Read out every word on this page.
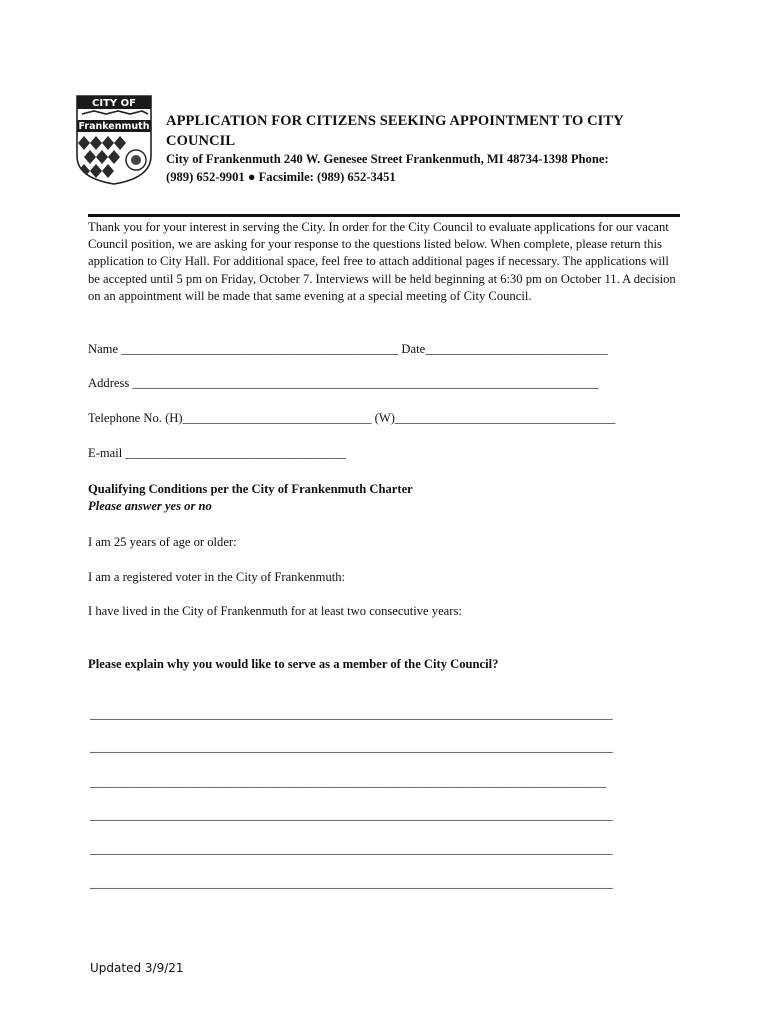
CITY OF
Frankenmuth APPLICATION FOR CITIZENS SEEKING APPOINTMENT TO CITY COUNCIL
City of Frankenmuth 240 W. Genesee Street Frankenmuth, MI 48734-1398 Phone:
(989) 652-9901 ● Facsimile: (989) 652-3451
Thank you for your interest in serving the City. In order for the City Council to evaluate applications for our vacant Council position, we are asking for your response to the questions listed below. When complete, please return this application to City Hall. For additional space, feel free to attach additional pages if necessary. The applications will be accepted until 5 pm on Friday, October 7. Interviews will be held beginning at 6:30 pm on October 11. A decision on an appointment will be made that same evening at a special meeting of City Council.
Name ____________________________________________ Date_____________________________
Address __________________________________________________________________________
Telephone No. (H)______________________________ (W)___________________________________
E-mail ___________________________________
Qualifying Conditions per the City of Frankenmuth Charter
Please answer yes or no
I am 25 years of age or older:
I am a registered voter in the City of Frankenmuth:
I have lived in the City of Frankenmuth for at least two consecutive years:
Please explain why you would like to serve as a member of the City Council?
___________________________________________________________________________________
___________________________________________________________________________________
__________________________________________________________________________________
___________________________________________________________________________________
___________________________________________________________________________________
___________________________________________________________________________________
Updated 3/9/21
